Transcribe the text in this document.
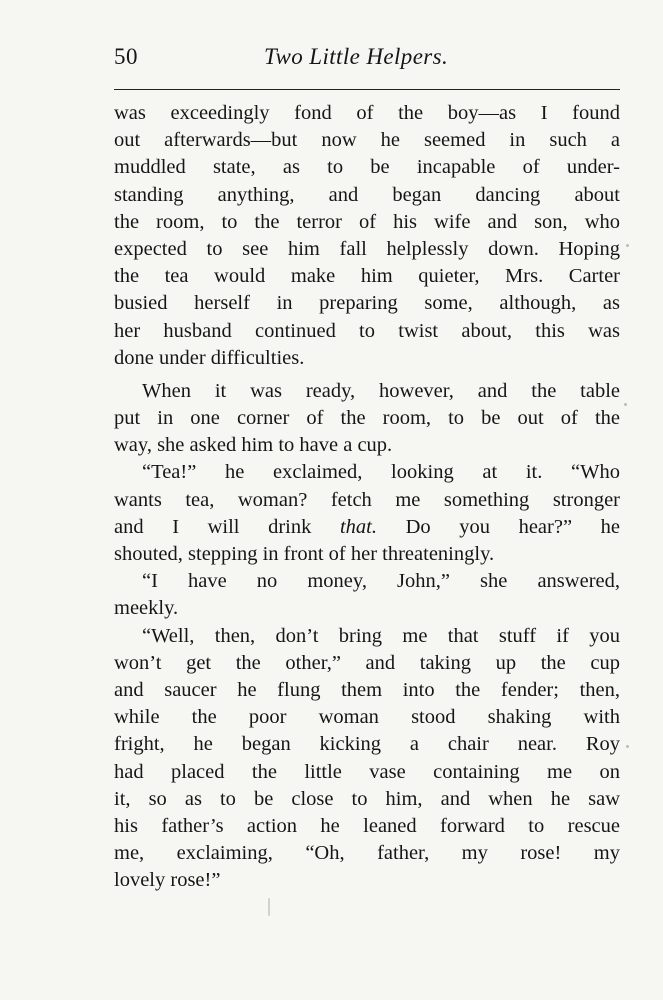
50	Two Little Helpers.
was exceedingly fond of the boy—as I found
out afterwards—but now he seemed in such a
muddled state, as to be incapable of under-
standing anything, and began dancing about
the room, to the terror of his wife and son, who
expected to see him fall helplessly down. Hoping
the tea would make him quieter, Mrs. Carter
busied herself in preparing some, although, as
her husband continued to twist about, this was
done under difficulties.
When it was ready, however, and the table
put in one corner of the room, to be out of the
way, she asked him to have a cup.
“Tea!” he exclaimed, looking at it. “Who
wants tea, woman? fetch me something stronger
and I will drink that. Do you hear?” he
shouted, stepping in front of her threateningly.
“I have no money, John,” she answered,
meekly.
“Well, then, don’t bring me that stuff if you
won’t get the other,” and taking up the cup
and saucer he flung them into the fender; then,
while the poor woman stood shaking with
fright, he began kicking a chair near. Roy
had placed the little vase containing me on
it, so as to be close to him, and when he saw
his father’s action he leaned forward to rescue
me, exclaiming, “Oh, father, my rose! my
lovely rose!”
